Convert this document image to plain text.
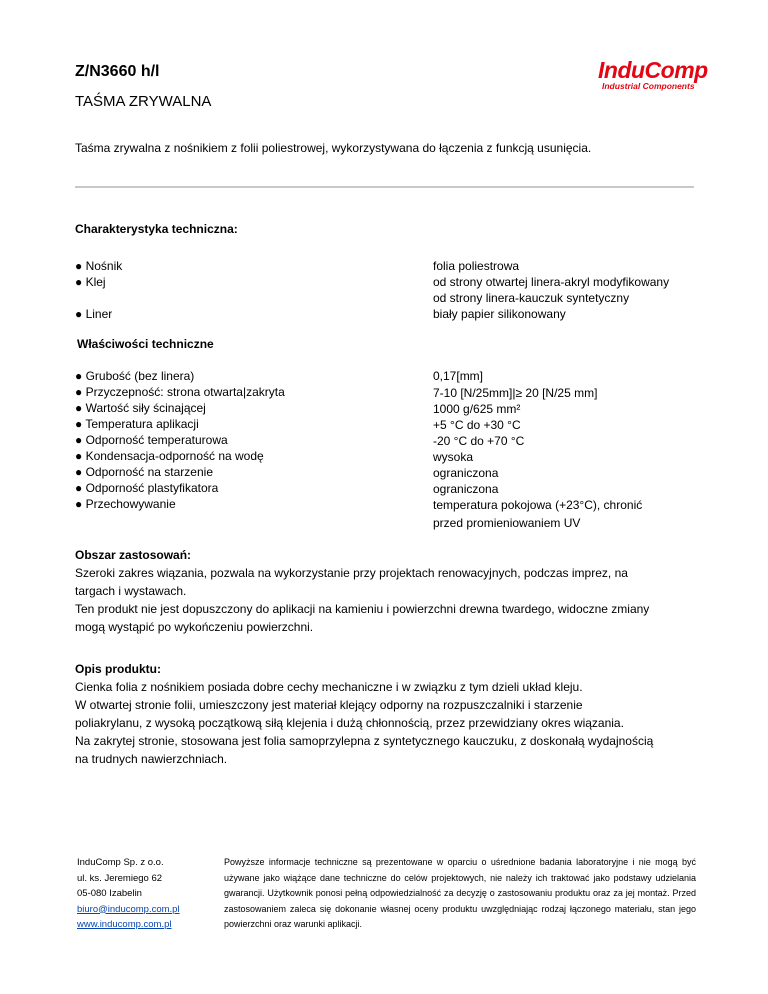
Z/N3660 h/l
TAŚMA ZRYWALNA
InduComp
Industrial Components
Taśma zrywalna z nośnikiem z folii poliestrowej, wykorzystywana do łączenia z funkcją usunięcia.
Charakterystyka techniczna:
● Nośnik
● Klej
● Liner
folia poliestrowa
od strony otwartej linera-akryl modyfikowany
od strony linera-kauczuk syntetyczny
biały papier silikonowany
Właściwości techniczne
● Grubość (bez linera)
● Przyczepność: strona otwarta|zakryta
● Wartość siły ścinającej
● Temperatura aplikacji
● Odporność temperaturowa
● Kondensacja-odporność na wodę
● Odporność na starzenie
● Odporność plastyfikatora
● Przechowywanie
0,17[mm]
7-10 [N/25mm]|≥ 20 [N/25 mm]
1000 g/625 mm²
+5 °C do +30 °C
-20 °C do +70 °C
wysoka
ograniczona
ograniczona
temperatura pokojowa (+23°C), chronić
przed promieniowaniem UV
Obszar zastosowań:
Szeroki zakres wiązania, pozwala na wykorzystanie przy projektach renowacyjnych, podczas imprez, na
targach i wystawach.
Ten produkt nie jest dopuszczony do aplikacji na kamieniu i powierzchni drewna twardego, widoczne zmiany
mogą wystąpić po wykończeniu powierzchni.
Opis produktu:
Cienka folia z nośnikiem posiada dobre cechy mechaniczne i w związku z tym dzieli układ kleju.
W otwartej stronie folii, umieszczony jest materiał klejący odporny na rozpuszczalniki i starzenie
poliakrylanu, z wysoką początkową siłą klejenia i dużą chłonnością, przez przewidziany okres wiązania.
Na zakrytej stronie, stosowana jest folia samoprzylepna z syntetycznego kauczuku, z doskonałą wydajnością
na trudnych nawierzchniach.
InduComp Sp. z o.o.
ul. ks. Jeremiego 62
05-080 Izabelin
biuro@inducomp.com.pl
www.inducomp.com.pl
Powyższe informacje techniczne są prezentowane w oparciu o uśrednione badania laboratoryjne i nie mogą być używane jako wiążące dane techniczne do celów projektowych, nie należy ich traktować jako podstawy udzielania gwarancji. Użytkownik ponosi pełną odpowiedzialność za decyzję o zastosowaniu produktu oraz za jej montaż. Przed zastosowaniem zaleca się dokonanie własnej oceny produktu uwzględniając rodzaj łączonego materiału, stan jego powierzchni oraz warunki aplikacji.
